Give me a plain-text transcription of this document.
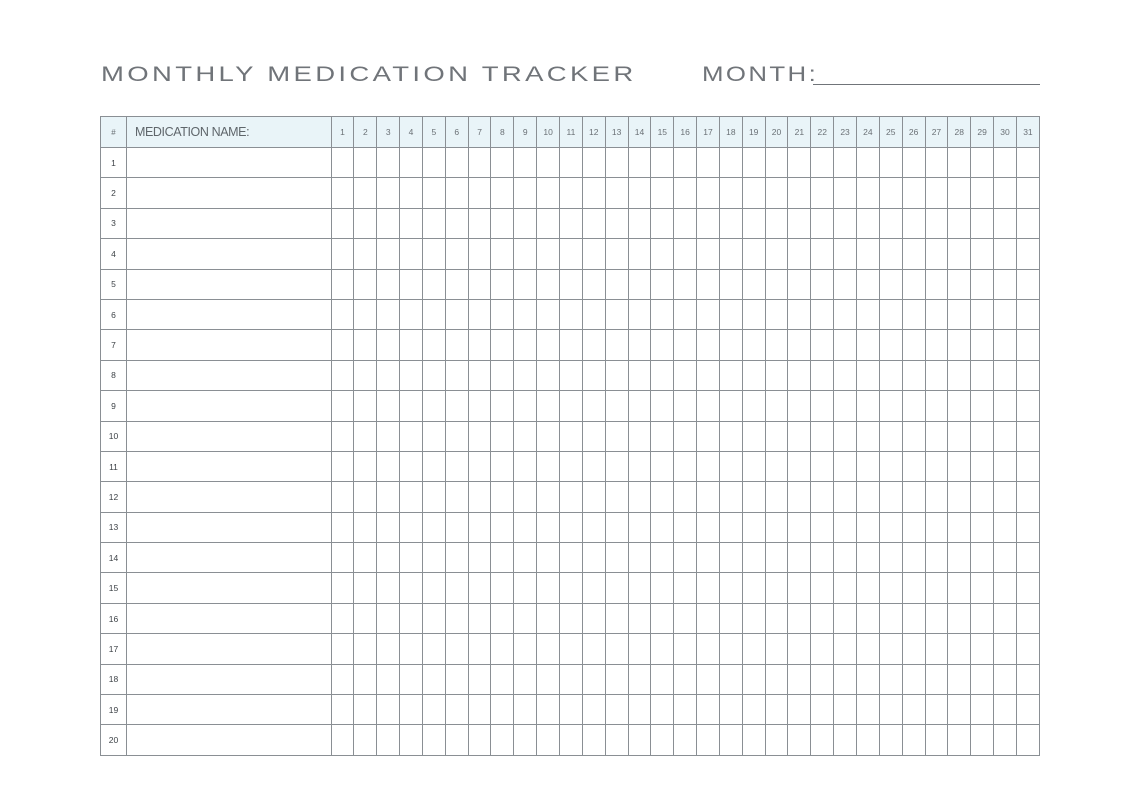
MONTHLY MEDICATION TRACKER	MONTH:
#	MEDICATION NAME:	1	2	3	4	5	6	7	8	9	10	11	12	13	14	15	16	17	18	19	20	21	22	23	24	25	26	27	28	29	30	31
1																																
2																																
3																																
4																																
5																																
6																																
7																																
8																																
9																																
10																																
11																																
12																																
13																																
14																																
15																																
16																																
17																																
18																																
19																																
20																																
